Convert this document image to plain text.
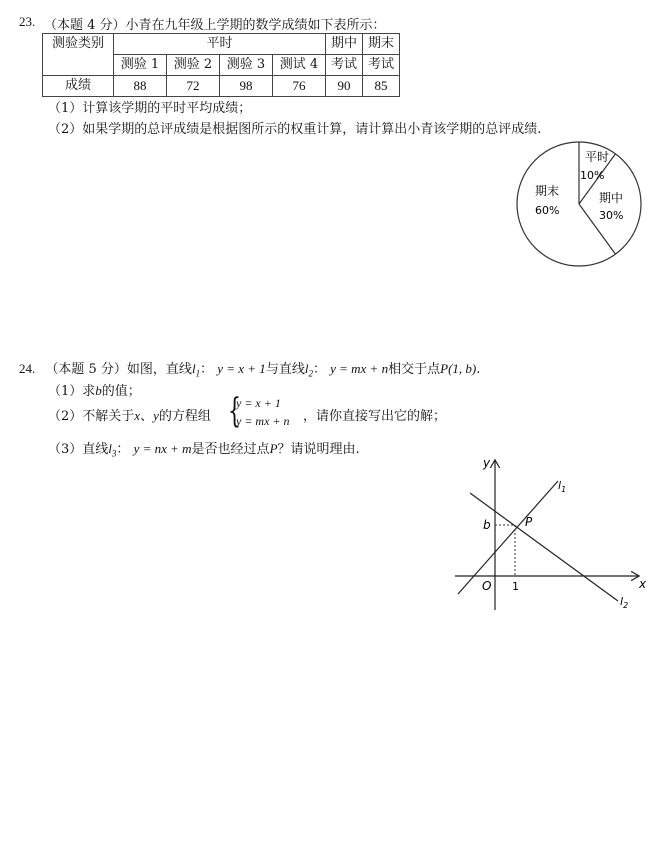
23. （本题 4 分）小青在九年级上学期的数学成绩如下表所示：
测验类别	平时				期中	期末
	测验 1	测验 2	测验 3	测试 4	考试	考试
成绩	88	72	98	76	90	85
（1）计算该学期的平时平均成绩；
（2）如果学期的总评成绩是根据图所示的权重计算，请计算出小青该学期的总评成绩.
平时
10%
期中
30%
期末
60%
24. （本题 5 分）如图，直线$l_1$： y = x + 1与直线$l_2$： y = mx + n相交于点P(1, b).
（1）求b的值；
（2）不解关于x、y的方程组 {
y = x + 1
y = mx + n ，请你直接写出它的解；
（3）直线$l_3$： y = nx + m是否也经过点P？请说明理由.
x
y
O 1
b	P
$l_1$
$l_2$
